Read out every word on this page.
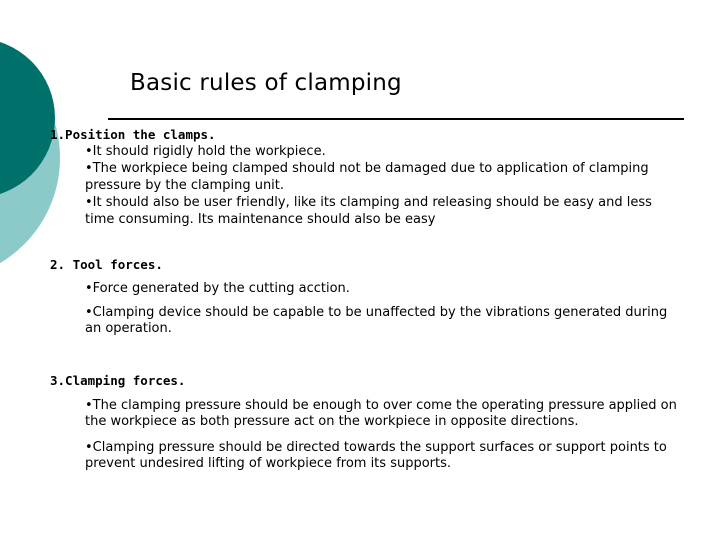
Basic rules of clamping
1.Position the clamps.
•It should rigidly hold the workpiece.
•The workpiece being clamped should not be damaged due to application of clamping
pressure by the clamping unit.
•It should also be user friendly, like its clamping and releasing should be easy and less
time consuming. Its maintenance should also be easy
2. Tool forces.
•Force generated by the cutting acction.
•Clamping device should be capable to be unaffected by the vibrations generated during an operation.
3.Clamping forces.
•The clamping pressure should be enough to over come the operating pressure applied on the workpiece as both pressure act on the workpiece in opposite directions.
•Clamping pressure should be directed towards the support surfaces or support points to prevent undesired lifting of workpiece from its supports.
